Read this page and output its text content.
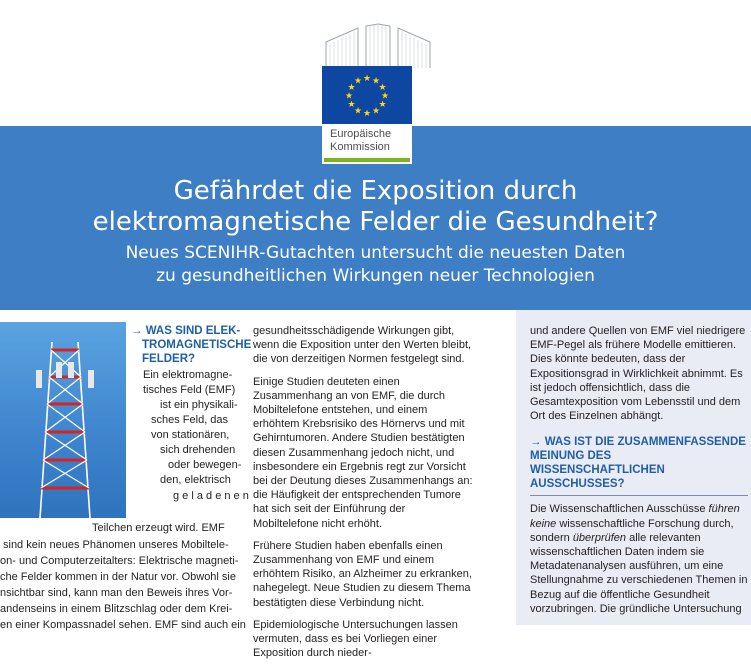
★ ★
★
★
★
★
★
★
★
★
★
★
Gefährdet die Exposition durch
elektromagnetische Felder die Gesundheit?
Neues SCENIHR-Gutachten untersucht die neuesten Daten
zu gesundheitlichen Wirkungen neuer Technologien
Europäische
Kommission
→ WAS SIND ELEK-
TROMAGNETISCHE
FELDER?
Ein elektromagne-
tisches Feld (EMF)
ist ein physikali-
sches Feld, das
von stationären,
sich drehenden
oder bewegen-
den, elektrisch
g e l a d e n e n
Teilchen erzeugt wird. EMF
sind kein neues Phänomen unseres Mobiltele-
on- und Computerzeitalters: Elektrische magneti-
che Felder kommen in der Natur vor. Obwohl sie
nsichtbar sind, kann man den Beweis ihres Vor-
andenseins in einem Blitzschlag oder dem Krei-
en einer Kompassnadel sehen. EMF sind auch ein

gesundheitsschädigende Wirkungen gibt, wenn die Exposition unter den Werten bleibt, die von derzeitigen Normen festgelegt sind.

Einige Studien deuteten einen Zusammenhang an von EMF, die durch Mobiltelefone entstehen, und einem erhöhtem Krebsrisiko des Hörnervs und mit Gehirntumoren. Andere Studien bestätigten diesen Zusammenhang jedoch nicht, und insbesondere ein Ergebnis regt zur Vorsicht bei der Deutung dieses Zusammenhangs an: die Häufigkeit der entsprechenden Tumore hat sich seit der Einführung der Mobiltelefone nicht erhöht.

Frühere Studien haben ebenfalls einen Zusammenhang von EMF und einem erhöhtem Risiko, an Alzheimer zu erkranken, nahegelegt. Neue Studien zu diesem Thema bestätigten diese Verbindung nicht.

Epidemiologische Untersuchungen lassen vermuten, dass es bei Vorliegen einer Exposition durch nieder-

und andere Quellen von EMF viel niedrigere EMF-Pegel als frühere Modelle emittieren. Dies könnte bedeuten, dass der Expositionsgrad in Wirklichkeit abnimmt. Es ist jedoch offensichtlich, dass die Gesamtexposition vom Lebensstil und dem Ort des Einzelnen abhängt.

→ WAS IST DIE ZUSAMMENFASSENDE MEINUNG DES WISSENSCHAFTLICHEN AUSSCHUSSES?

Die Wissenschaftlichen Ausschüsse führen keine wissenschaftliche Forschung durch, sondern überprüfen alle relevanten wissenschaftlichen Daten indem sie Metadatenanalysen ausführen, um eine Stellungnahme zu verschiedenen Themen in Bezug auf die öffentliche Gesundheit vorzubringen. Die gründliche Untersuchung
